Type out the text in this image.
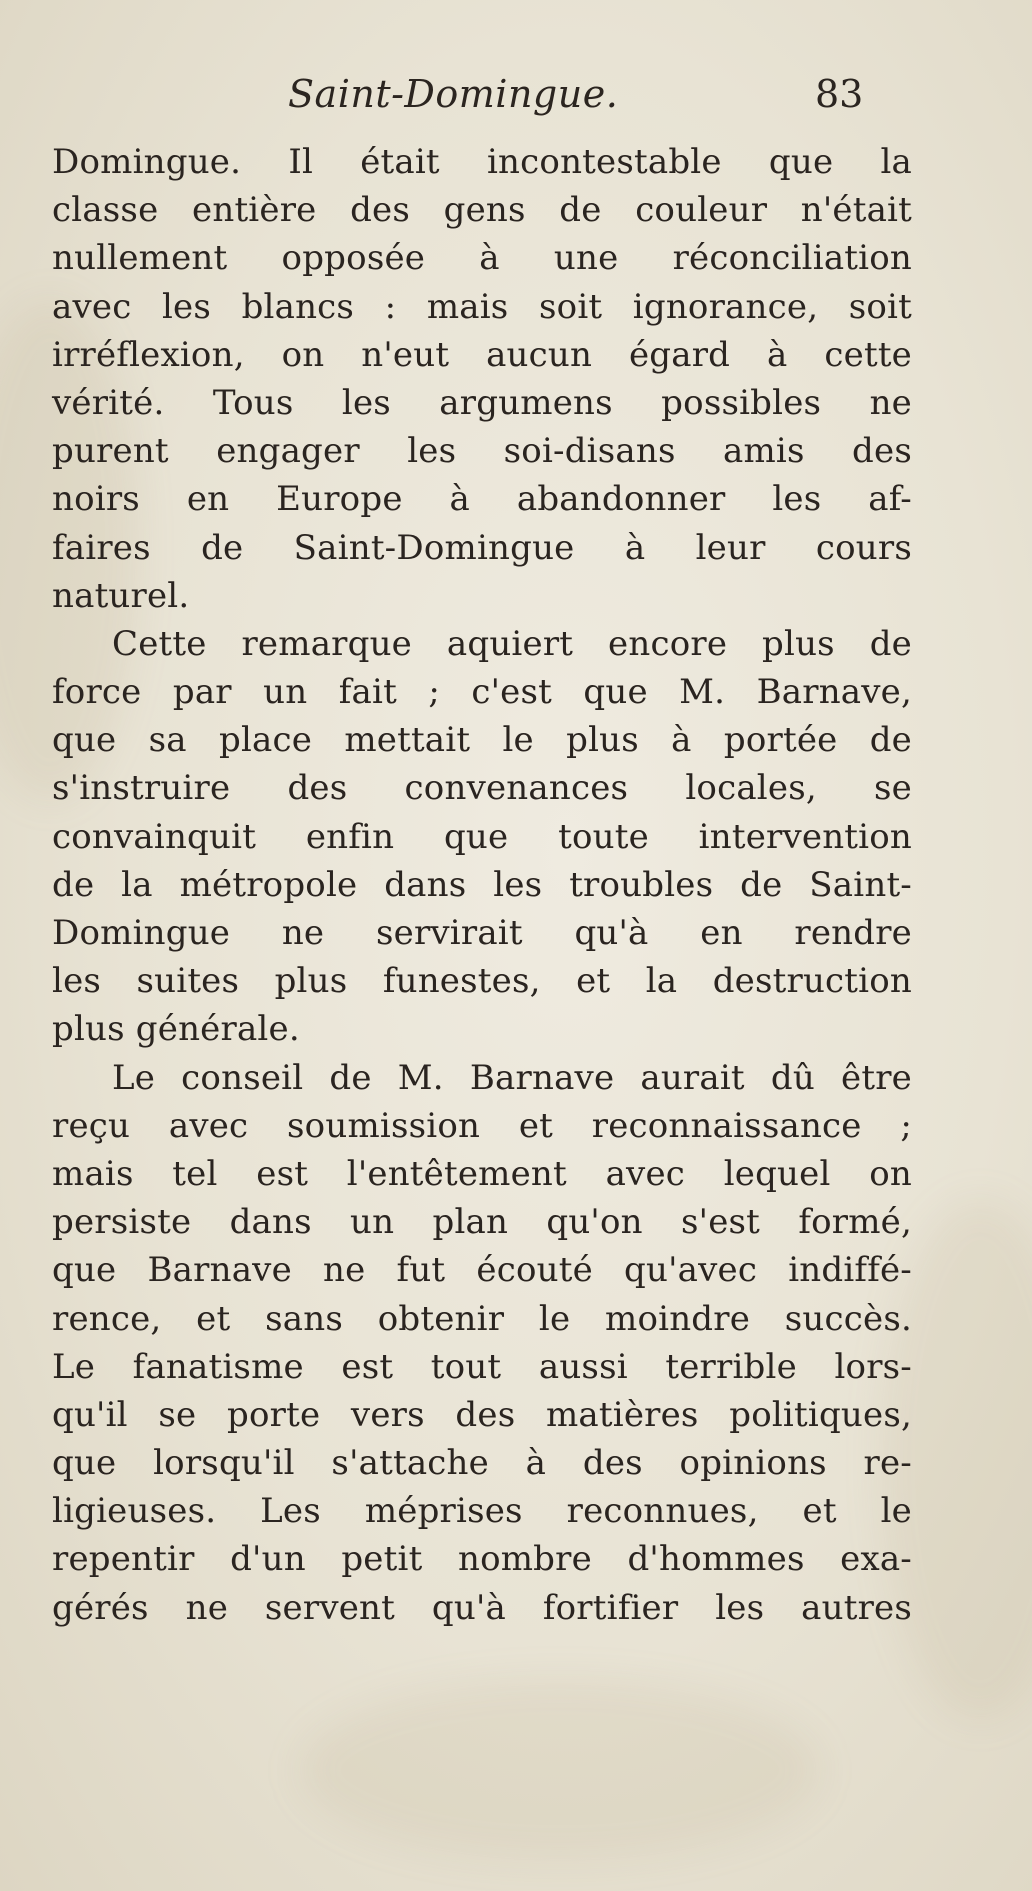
Saint-Domingue.	83
Domingue. Il était incontestable que la
classe entière des gens de couleur n'était
nullement opposée à une réconciliation
avec les blancs : mais soit ignorance, soit
irréflexion, on n'eut aucun égard à cette
vérité. Tous les argumens possibles ne
purent engager les soi-disans amis des
noirs en Europe à abandonner les af-
faires de Saint-Domingue à leur cours
naturel.
Cette remarque aquiert encore plus de
force par un fait ; c'est que M. Barnave,
que sa place mettait le plus à portée de
s'instruire des convenances locales, se
convainquit enfin que toute intervention
de la métropole dans les troubles de Saint-
Domingue ne servirait qu'à en rendre
les suites plus funestes, et la destruction
plus générale.
Le conseil de M. Barnave aurait dû être
reçu avec soumission et reconnaissance ;
mais tel est l'entêtement avec lequel on
persiste dans un plan qu'on s'est formé,
que Barnave ne fut écouté qu'avec indiffé-
rence, et sans obtenir le moindre succès.
Le fanatisme est tout aussi terrible lors-
qu'il se porte vers des matières politiques,
que lorsqu'il s'attache à des opinions re-
ligieuses. Les méprises reconnues, et le
repentir d'un petit nombre d'hommes exa-
gérés ne servent qu'à fortifier les autres
